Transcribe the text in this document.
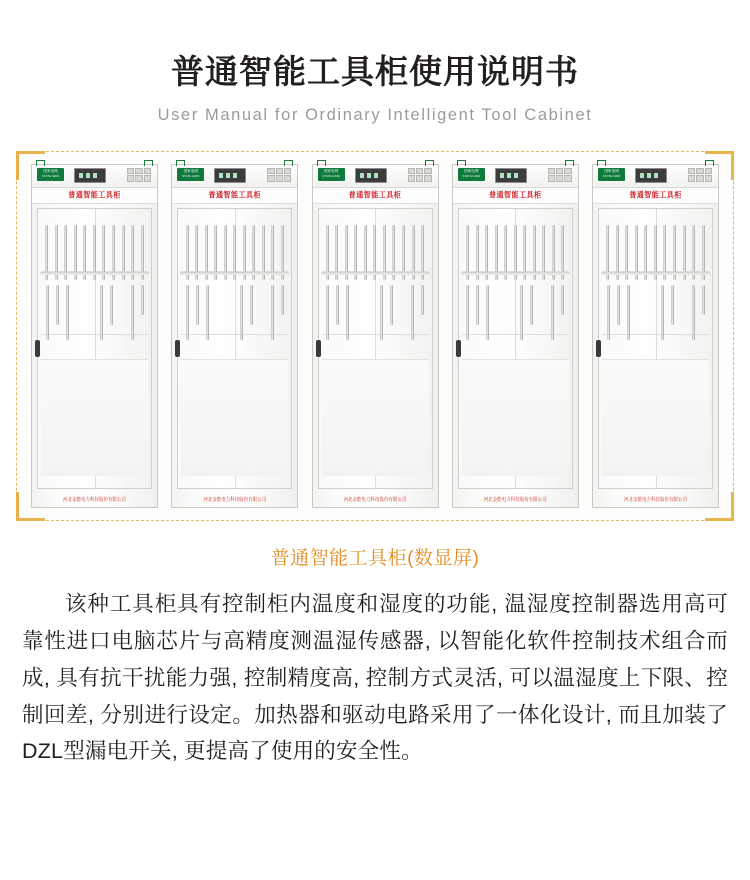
普通智能工具柜使用说明书
User Manual for Ordinary Intelligent Tool Cabinet
国家电网
STATE GRID
普通智能工具柜
河北金能电力科技股份有限公司
国家电网
STATE GRID
普通智能工具柜
河北金能电力科技股份有限公司
国家电网
STATE GRID
普通智能工具柜
河北金能电力科技股份有限公司
国家电网
STATE GRID
普通智能工具柜
河北金能电力科技股份有限公司
国家电网
STATE GRID
普通智能工具柜
河北金能电力科技股份有限公司
普通智能工具柜(数显屏)
该种工具柜具有控制柜内温度和湿度的功能, 温湿度控制器选用高可靠性进口电脑芯片与高精度测温湿传感器, 以智能化软件控制技术组合而成, 具有抗干扰能力强, 控制精度高, 控制方式灵活, 可以温湿度上下限、控制回差, 分别进行设定。加热器和驱动电路采用了一体化设计, 而且加装了DZL型漏电开关, 更提高了使用的安全性。
